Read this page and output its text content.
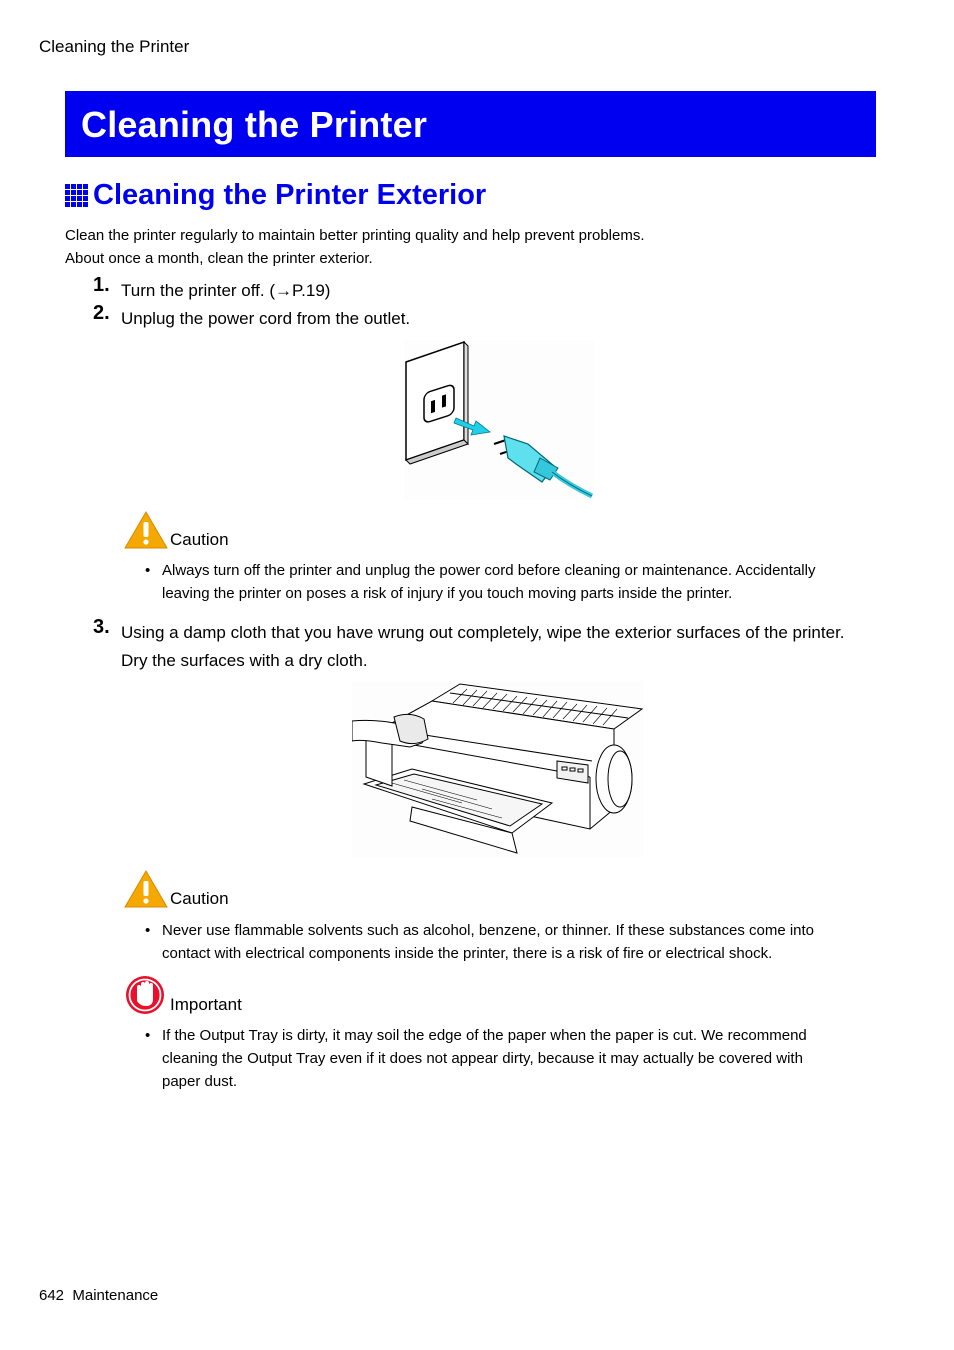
Cleaning the Printer
Cleaning the Printer
Cleaning the Printer Exterior
Clean the printer regularly to maintain better printing quality and help prevent problems.
About once a month, clean the printer exterior.
1. Turn the printer off. (→P.19)
2. Unplug the power cord from the outlet.
Caution
• Always turn off the printer and unplug the power cord before cleaning or maintenance. Accidentally
leaving the printer on poses a risk of injury if you touch moving parts inside the printer.
3. Using a damp cloth that you have wrung out completely, wipe the exterior surfaces of the printer.
Dry the surfaces with a dry cloth.
Caution
• Never use flammable solvents such as alcohol, benzene, or thinner. If these substances come into
contact with electrical components inside the printer, there is a risk of fire or electrical shock.
Important
• If the Output Tray is dirty, it may soil the edge of the paper when the paper is cut. We recommend
cleaning the Output Tray even if it does not appear dirty, because it may actually be covered with
paper dust.
642 Maintenance
